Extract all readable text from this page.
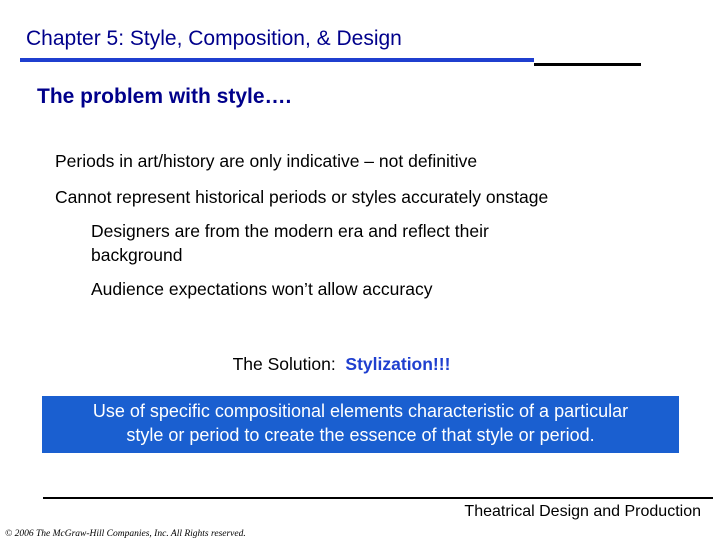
Chapter 5: Style, Composition, & Design
The problem with style….
Periods in art/history are only indicative – not definitive
Cannot represent historical periods or styles accurately onstage
Designers are from the modern era and reflect their background
Audience expectations won’t allow accuracy
The Solution:  Stylization!!!
Use of specific compositional elements characteristic of a particular
style or period to create the essence of that style or period.
Theatrical Design and Production
© 2006 The McGraw-Hill Companies, Inc. All Rights reserved.
